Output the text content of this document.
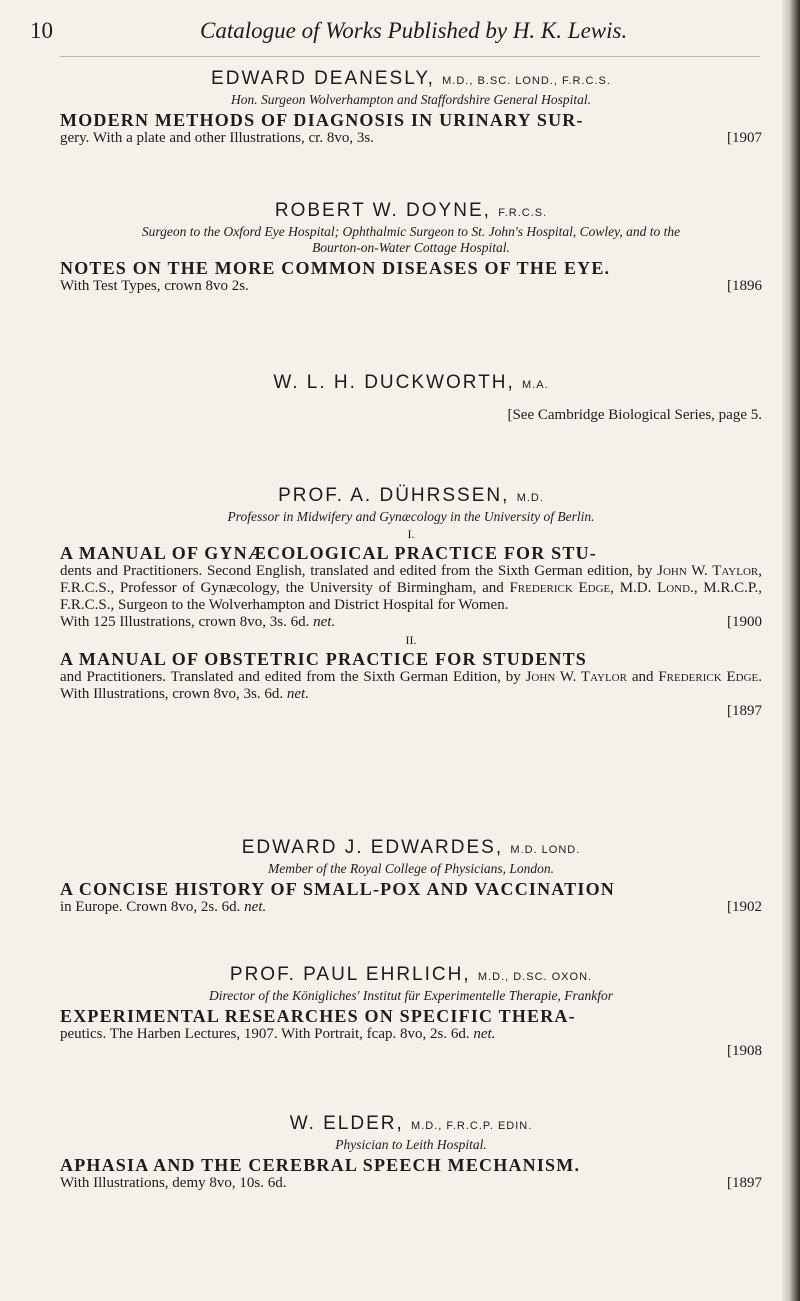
10	Catalogue of Works Published by H. K. Lewis.
EDWARD DEANESLY, M.D., B.SC. LOND., F.R.C.S.
Hon. Surgeon Wolverhampton and Staffordshire General Hospital.
MODERN METHODS OF DIAGNOSIS IN URINARY SUR-
gery. With a plate and other Illustrations, cr. 8vo, 3s.	[1907
ROBERT W. DOYNE, F.R.C.S.
Surgeon to the Oxford Eye Hospital; Ophthalmic Surgeon to St. John's Hospital, Cowley, and to the
Bourton-on-Water Cottage Hospital.
NOTES ON THE MORE COMMON DISEASES OF THE EYE.
With Test Types, crown 8vo 2s.	[1896
W. L. H. DUCKWORTH, M.A.
[See Cambridge Biological Series, page 5.
PROF. A. DÜHRSSEN, M.D.
Professor in Midwifery and Gynæcology in the University of Berlin.
I.
A MANUAL OF GYNÆCOLOGICAL PRACTICE FOR STU-
dents and Practitioners. Second English, translated and edited from the Sixth German edition, by John W. Taylor, F.R.C.S., Professor of Gynæcology, the University of Birmingham, and Frederick Edge, M.D. Lond., M.R.C.P., F.R.C.S., Surgeon to the Wolverhampton and District Hospital for Women.
With 125 Illustrations, crown 8vo, 3s. 6d. net.	[1900
II.
A MANUAL OF OBSTETRIC PRACTICE FOR STUDENTS
and Practitioners. Translated and edited from the Sixth German Edition, by John W. Taylor and Frederick Edge. With Illustrations, crown 8vo, 3s. 6d. net.
[1897
EDWARD J. EDWARDES, M.D. LOND.
Member of the Royal College of Physicians, London.
A CONCISE HISTORY OF SMALL-POX AND VACCINATION
in Europe. Crown 8vo, 2s. 6d. net.	[1902
PROF. PAUL EHRLICH, M.D., D.SC. OXON.
Director of the Königliches' Institut für Experimentelle Therapie, Frankfor
EXPERIMENTAL RESEARCHES ON SPECIFIC THERA-
peutics. The Harben Lectures, 1907. With Portrait, fcap. 8vo, 2s. 6d. net.
[1908
W. ELDER, M.D., F.R.C.P. EDIN.
Physician to Leith Hospital.
APHASIA AND THE CEREBRAL SPEECH MECHANISM.
With Illustrations, demy 8vo, 10s. 6d.	[1897
